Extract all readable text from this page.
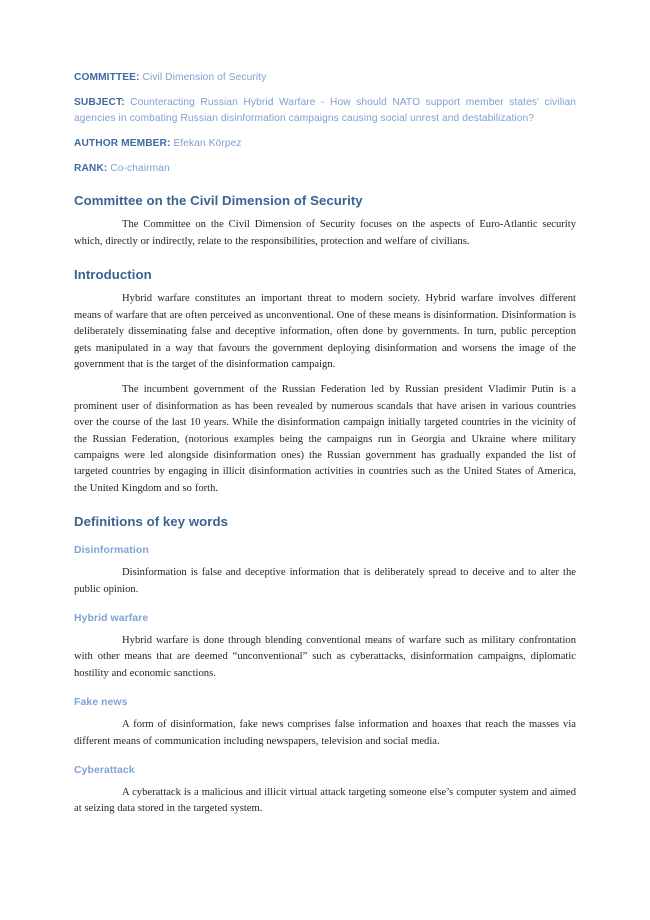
COMMITTEE: Civil Dimension of Security

SUBJECT: Counteracting Russian Hybrid Warfare - How should NATO support member states' civilian agencies in combating Russian disinformation campaigns causing social unrest and destabilization?

AUTHOR MEMBER: Efekan Körpez

RANK: Co-chairman

Committee on the Civil Dimension of Security

The Committee on the Civil Dimension of Security focuses on the aspects of Euro-Atlantic security which, directly or indirectly, relate to the responsibilities, protection and welfare of civilians.

Introduction

Hybrid warfare constitutes an important threat to modern society. Hybrid warfare involves different means of warfare that are often perceived as unconventional. One of these means is disinformation. Disinformation is deliberately disseminating false and deceptive information, often done by governments. In turn, public perception gets manipulated in a way that favours the government deploying disinformation and worsens the image of the government that is the target of the disinformation campaign.

The incumbent government of the Russian Federation led by Russian president Vladimir Putin is a prominent user of disinformation as has been revealed by numerous scandals that have arisen in various countries over the course of the last 10 years. While the disinformation campaign initially targeted countries in the vicinity of the Russian Federation, (notorious examples being the campaigns run in Georgia and Ukraine where military campaigns were led alongside disinformation ones) the Russian government has gradually expanded the list of targeted countries by engaging in illicit disinformation activities in countries such as the United States of America, the United Kingdom and so forth.

Definitions of key words
Disinformation

Disinformation is false and deceptive information that is deliberately spread to deceive and to alter the public opinion.

Hybrid warfare

Hybrid warfare is done through blending conventional means of warfare such as military confrontation with other means that are deemed “unconventional” such as cyberattacks, disinformation campaigns, diplomatic hostility and economic sanctions.

Fake news

A form of disinformation, fake news comprises false information and hoaxes that reach the masses via different means of communication including newspapers, television and social media.

Cyberattack

A cyberattack is a malicious and illicit virtual attack targeting someone else’s computer system and aimed at seizing data stored in the targeted system.
